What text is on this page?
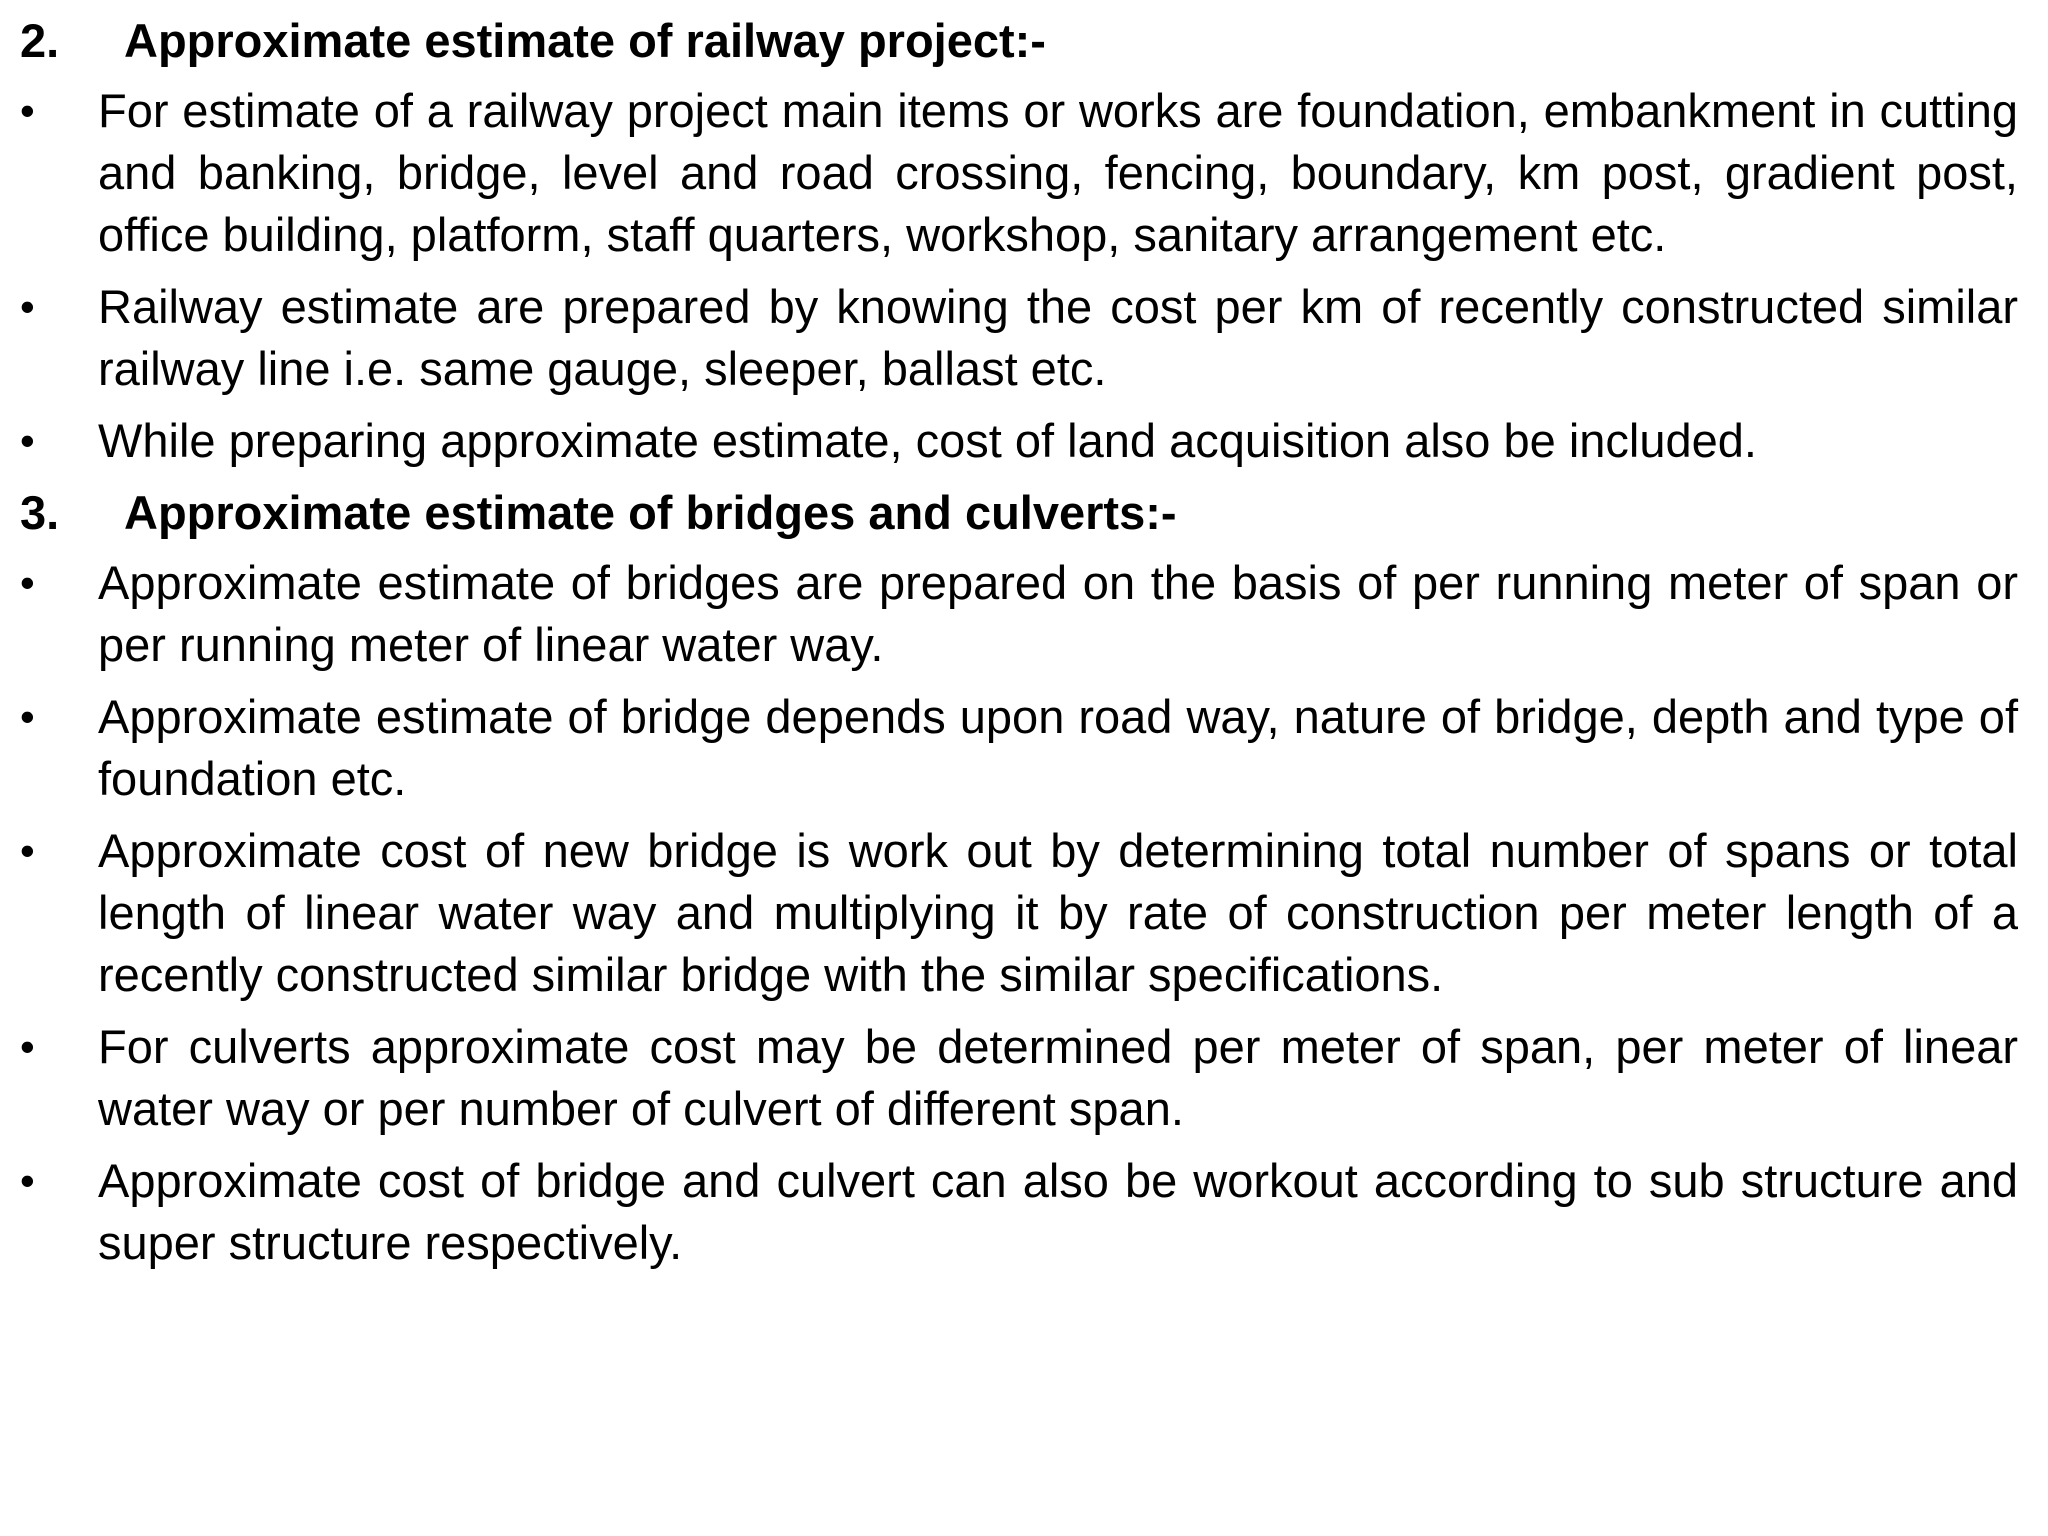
2.	Approximate estimate of railway project:-
•	For estimate of a railway project main items or works are foundation, embankment in cutting and banking, bridge, level and road crossing, fencing, boundary, km post, gradient post, office building, platform, staff quarters, workshop, sanitary arrangement etc.
•	Railway estimate are prepared by knowing the cost per km of recently constructed similar railway line i.e. same gauge, sleeper, ballast etc.
•	While preparing approximate estimate, cost of land acquisition also be included.
3.	Approximate estimate of bridges and culverts:-
•	Approximate estimate of bridges are prepared on the basis of per running meter of span or per running meter of linear water way.
•	Approximate estimate of bridge depends upon road way, nature of bridge, depth and type of foundation etc.
•	Approximate cost of new bridge is work out by determining total number of spans or total length of linear water way and multiplying it by rate of construction per meter length of a recently constructed similar bridge with the similar specifications.
•	For culverts approximate cost may be determined per meter of span, per meter of linear water way or per number of culvert of different span.
•	Approximate cost of bridge and culvert can also be workout according to sub structure and super structure respectively.
